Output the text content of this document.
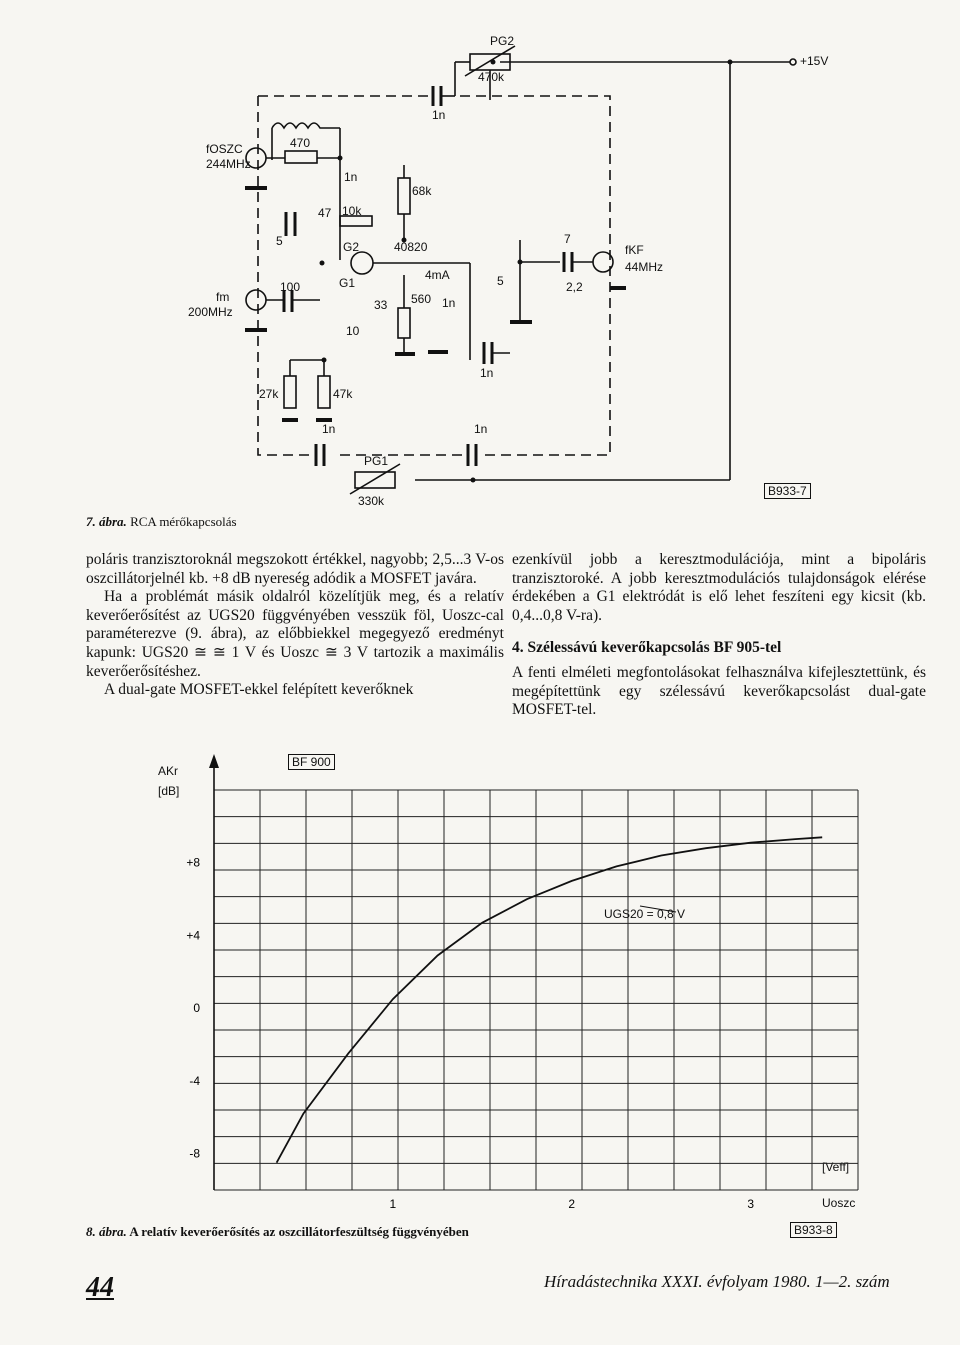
PG2
470k
+15V
1n
fOSZC
244MHz
470
1n
68k
47 10k
5	G2
G1
40820
4mA
560 1n
33
10
fm
200MHz
100
7
5	2,2
fKF
44MHz
1n
27k	47k
1n	1n
PG1
330k
B933-7
7. ábra. RCA mérőkapcsolás

poláris tranzisztoroknál megszokott értékkel, nagyobb; 2,5...3 V-os oszcillátorjelnél kb. +8 dB nyereség adódik a MOSFET javára.

Ha a problémát másik oldalról közelítjük meg, és a relatív keverőerősítést az UGS20 függvényében vesszük föl, Uoszc-cal paraméterezve (9. ábra), az előbbiekkel megegyező eredményt kapunk: UGS20 ≅ ≅ 1 V és Uoszc ≅ 3 V tartozik a maximális keverőerősítéshez.

A dual-gate MOSFET-ekkel felépített keverőknek

ezenkívül jobb a keresztmodulációja, mint a bipoláris tranzisztoroké. A jobb keresztmodulációs tulajdonságok elérése érdekében a G1 elektródát is elő lehet feszíteni egy kicsit (kb. 0,4...0,8 V-ra).

4. Szélessávú keverőkapcsolás BF 905-tel

A fenti elméleti megfontolásokat felhasználva kifejlesztettünk, és megépítettünk egy szélessávú keverőkapcsolást dual-gate MOSFET-tel.

AKr
[dB]
BF 900
[Veff]
Uoszc
+8
+4
0
-4
-8
1	2	3
UGS20 = 0,8 V
8. ábra. A relatív keverőerősítés az oszcillátorfeszültség függvényében	B933-8
44	Híradástechnika XXXI. évfolyam 1980. 1—2. szám
